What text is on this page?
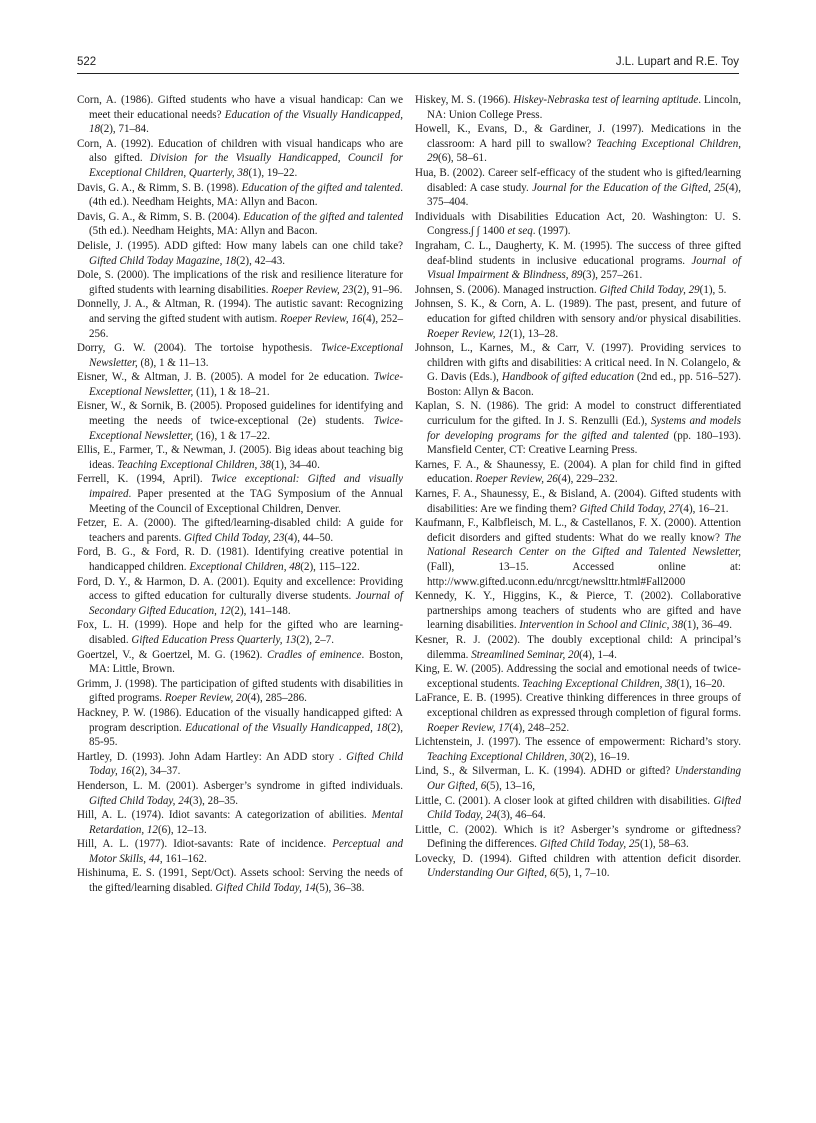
522	J.L. Lupart and R.E. Toy

Corn, A. (1986). Gifted students who have a visual handicap: Can we meet their educational needs? Education of the Visually Handicapped, 18(2), 71–84.

Corn, A. (1992). Education of children with visual handicaps who are also gifted. Division for the Visually Handicapped, Council for Exceptional Children, Quarterly, 38(1), 19–22.

Davis, G. A., & Rimm, S. B. (1998). Education of the gifted and talented. (4th ed.). Needham Heights, MA: Allyn and Bacon.

Davis, G. A., & Rimm, S. B. (2004). Education of the gifted and talented (5th ed.). Needham Heights, MA: Allyn and Bacon.

Delisle, J. (1995). ADD gifted: How many labels can one child take? Gifted Child Today Magazine, 18(2), 42–43.

Dole, S. (2000). The implications of the risk and resilience literature for gifted students with learning disabilities. Roeper Review, 23(2), 91–96.

Donnelly, J. A., & Altman, R. (1994). The autistic savant: Recognizing and serving the gifted student with autism. Roeper Review, 16(4), 252–256.

Dorry, G. W. (2004). The tortoise hypothesis. Twice-Exceptional Newsletter, (8), 1 & 11–13.

Eisner, W., & Altman, J. B. (2005). A model for 2e education. Twice-Exceptional Newsletter, (11), 1 & 18–21.

Eisner, W., & Sornik, B. (2005). Proposed guidelines for identifying and meeting the needs of twice-exceptional (2e) students. Twice-Exceptional Newsletter, (16), 1 & 17–22.

Ellis, E., Farmer, T., & Newman, J. (2005). Big ideas about teaching big ideas. Teaching Exceptional Children, 38(1), 34–40.

Ferrell, K. (1994, April). Twice exceptional: Gifted and visually impaired. Paper presented at the TAG Symposium of the Annual Meeting of the Council of Exceptional Children, Denver.

Fetzer, E. A. (2000). The gifted/learning-disabled child: A guide for teachers and parents. Gifted Child Today, 23(4), 44–50.

Ford, B. G., & Ford, R. D. (1981). Identifying creative potential in handicapped children. Exceptional Children, 48(2), 115–122.

Ford, D. Y., & Harmon, D. A. (2001). Equity and excellence: Providing access to gifted education for culturally diverse students. Journal of Secondary Gifted Education, 12(2), 141–148.

Fox, L. H. (1999). Hope and help for the gifted who are learning-disabled. Gifted Education Press Quarterly, 13(2), 2–7.

Goertzel, V., & Goertzel, M. G. (1962). Cradles of eminence. Boston, MA: Little, Brown.

Grimm, J. (1998). The participation of gifted students with disabilities in gifted programs. Roeper Review, 20(4), 285–286.

Hackney, P. W. (1986). Education of the visually handicapped gifted: A program description. Educational of the Visually Handicapped, 18(2), 85-95.

Hartley, D. (1993). John Adam Hartley: An ADD story . Gifted Child Today, 16(2), 34–37.

Henderson, L. M. (2001). Asberger’s syndrome in gifted individuals. Gifted Child Today, 24(3), 28–35.

Hill, A. L. (1974). Idiot savants: A categorization of abilities. Mental Retardation, 12(6), 12–13.

Hill, A. L. (1977). Idiot-savants: Rate of incidence. Perceptual and Motor Skills, 44, 161–162.

Hishinuma, E. S. (1991, Sept/Oct). Assets school: Serving the needs of the gifted/learning disabled. Gifted Child Today, 14(5), 36–38.

Hiskey, M. S. (1966). Hiskey-Nebraska test of learning aptitude. Lincoln, NA: Union College Press.

Howell, K., Evans, D., & Gardiner, J. (1997). Medications in the classroom: A hard pill to swallow? Teaching Exceptional Children, 29(6), 58–61.

Hua, B. (2002). Career self-efficacy of the student who is gifted/learning disabled: A case study. Journal for the Education of the Gifted, 25(4), 375–404.

Individuals with Disabilities Education Act, 20. Washington: U. S. Congress.∫ ∫ 1400 et seq. (1997).

Ingraham, C. L., Daugherty, K. M. (1995). The success of three gifted deaf-blind students in inclusive educational programs. Journal of Visual Impairment & Blindness, 89(3), 257–261.

Johnsen, S. (2006). Managed instruction. Gifted Child Today, 29(1), 5.

Johnsen, S. K., & Corn, A. L. (1989). The past, present, and future of education for gifted children with sensory and/or physical disabilities. Roeper Review, 12(1), 13–28.

Johnson, L., Karnes, M., & Carr, V. (1997). Providing services to children with gifts and disabilities: A critical need. In N. Colangelo, & G. Davis (Eds.), Handbook of gifted education (2nd ed., pp. 516–527). Boston: Allyn & Bacon.

Kaplan, S. N. (1986). The grid: A model to construct differentiated curriculum for the gifted. In J. S. Renzulli (Ed.), Systems and models for developing programs for the gifted and talented (pp. 180–193). Mansfield Center, CT: Creative Learning Press.

Karnes, F. A., & Shaunessy, E. (2004). A plan for child find in gifted education. Roeper Review, 26(4), 229–232.

Karnes, F. A., Shaunessy, E., & Bisland, A. (2004). Gifted students with disabilities: Are we finding them? Gifted Child Today, 27(4), 16–21.

Kaufmann, F., Kalbfleisch, M. L., & Castellanos, F. X. (2000). Attention deficit disorders and gifted students: What do we really know? The National Research Center on the Gifted and Talented Newsletter, (Fall), 13–15. Accessed online at: http://www.gifted.uconn.edu/nrcgt/newslttr.html#Fall2000

Kennedy, K. Y., Higgins, K., & Pierce, T. (2002). Collaborative partnerships among teachers of students who are gifted and have learning disabilities. Intervention in School and Clinic, 38(1), 36–49.

Kesner, R. J. (2002). The doubly exceptional child: A principal’s dilemma. Streamlined Seminar, 20(4), 1–4.

King, E. W. (2005). Addressing the social and emotional needs of twice-exceptional students. Teaching Exceptional Children, 38(1), 16–20.

LaFrance, E. B. (1995). Creative thinking differences in three groups of exceptional children as expressed through completion of figural forms. Roeper Review, 17(4), 248–252.

Lichtenstein, J. (1997). The essence of empowerment: Richard’s story. Teaching Exceptional Children, 30(2), 16–19.

Lind, S., & Silverman, L. K. (1994). ADHD or gifted? Understanding Our Gifted, 6(5), 13–16,

Little, C. (2001). A closer look at gifted children with disabilities. Gifted Child Today, 24(3), 46–64.

Little, C. (2002). Which is it? Asberger’s syndrome or giftedness? Defining the differences. Gifted Child Today, 25(1), 58–63.

Lovecky, D. (1994). Gifted children with attention deficit disorder. Understanding Our Gifted, 6(5), 1, 7–10.
